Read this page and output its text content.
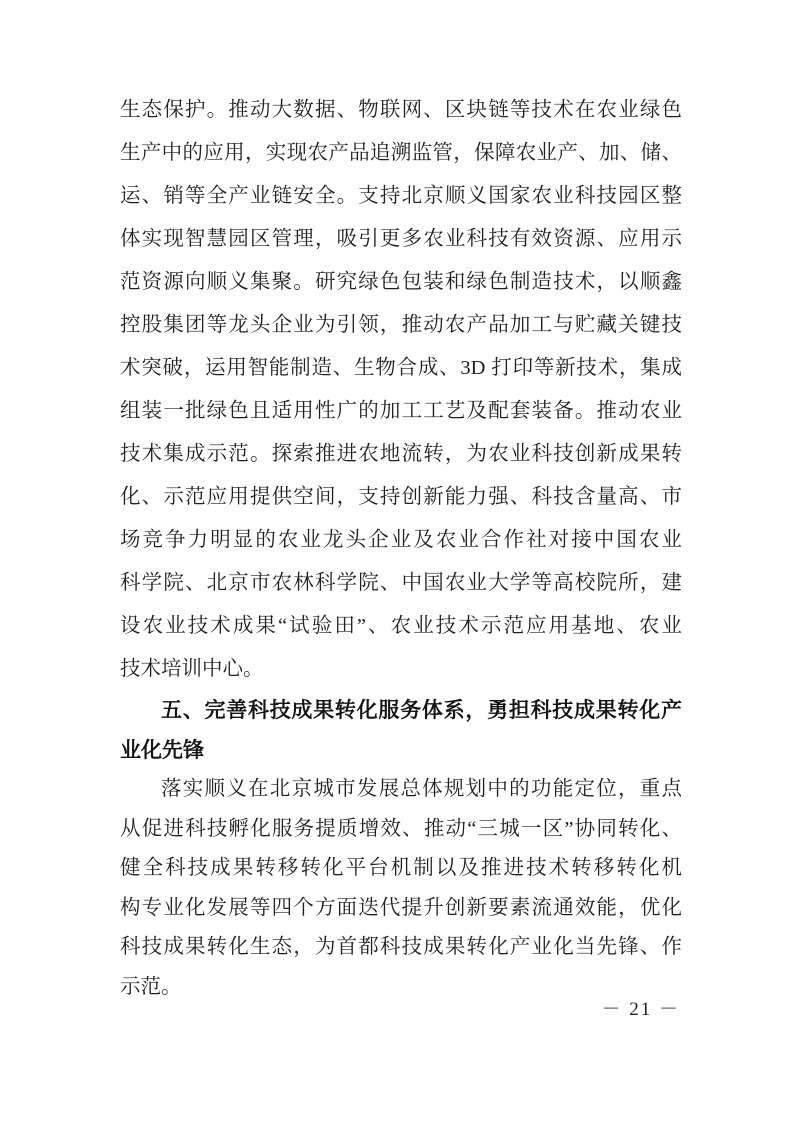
生态保护。推动大数据、物联网、区块链等技术在农业绿色
生产中的应用，实现农产品追溯监管，保障农业产、加、储、
运、销等全产业链安全。支持北京顺义国家农业科技园区整
体实现智慧园区管理，吸引更多农业科技有效资源、应用示
范资源向顺义集聚。研究绿色包装和绿色制造技术，以顺鑫
控股集团等龙头企业为引领，推动农产品加工与贮藏关键技
术突破，运用智能制造、生物合成、3D 打印等新技术，集成
组装一批绿色且适用性广的加工工艺及配套装备。推动农业
技术集成示范。探索推进农地流转，为农业科技创新成果转
化、示范应用提供空间，支持创新能力强、科技含量高、市
场竞争力明显的农业龙头企业及农业合作社对接中国农业
科学院、北京市农林科学院、中国农业大学等高校院所，建
设农业技术成果“试验田”、农业技术示范应用基地、农业
技术培训中心。
五、完善科技成果转化服务体系，勇担科技成果转化产
业化先锋
落实顺义在北京城市发展总体规划中的功能定位，重点
从促进科技孵化服务提质增效、推动“三城一区”协同转化、
健全科技成果转移转化平台机制以及推进技术转移转化机
构专业化发展等四个方面迭代提升创新要素流通效能，优化
科技成果转化生态，为首都科技成果转化产业化当先锋、作
示范。
－ 21 －
